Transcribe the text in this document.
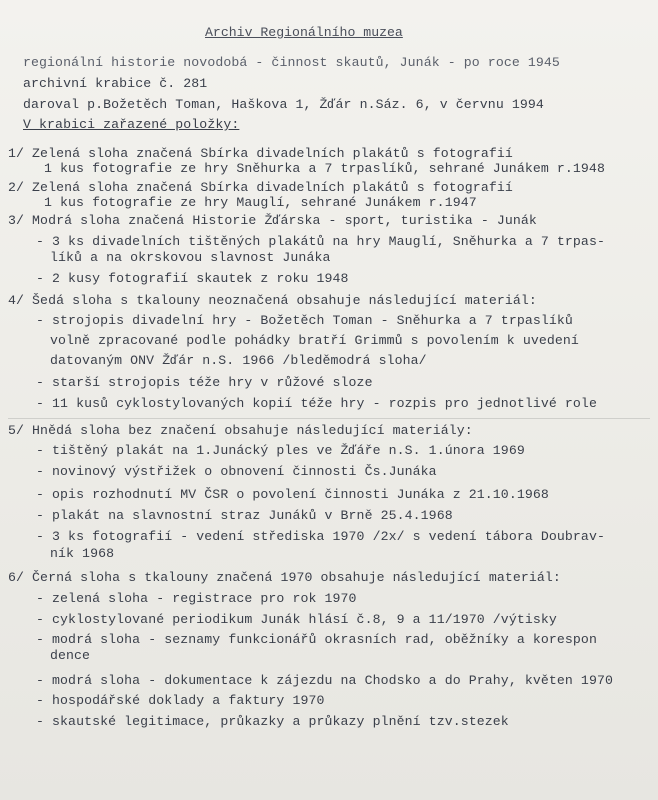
Archiv Regionálního muzea
regionální historie novodobá - činnost skautů, Junák - po roce 1945
archivní krabice č. 281
daroval p.Božetěch Toman, Haškova 1, Žďár n.Sáz. 6, v červnu 1994
V krabici zařazené položky:
1/ Zelená sloha značená Sbírka divadelních plakátů s fotografií
1 kus fotografie ze hry Sněhurka a 7 trpaslíků, sehrané Junákem r.1948
2/ Zelená sloha značená Sbírka divadelních plakátů s fotografií
1 kus fotografie ze hry Mauglí, sehrané Junákem r.1947
3/ Modrá sloha značená Historie Žďárska - sport, turistika - Junák
- 3 ks divadelních tištěných plakátů na hry Mauglí, Sněhurka a 7 trpas-
líků a na okrskovou slavnost Junáka
- 2 kusy fotografií skautek z roku 1948
4/ Šedá sloha s tkalouny neoznačená obsahuje následující materiál:
- strojopis divadelní hry - Božetěch Toman - Sněhurka a 7 trpaslíků
volně zpracované podle pohádky bratří Grimmů s povolením k uvedení
datovaným ONV Žďár n.S. 1966 /bleděmodrá sloha/
- starší strojopis téže hry v růžové sloze
- 11 kusů cyklostylovaných kopií téže hry - rozpis pro jednotlivé role
5/ Hnědá sloha bez značení obsahuje následující materiály:
- tištěný plakát na 1.Junácký ples ve Žďáře n.S. 1.února 1969
- novinový výstřižek o obnovení činnosti Čs.Junáka
- opis rozhodnutí MV ČSR o povolení činnosti Junáka z 21.10.1968
- plakát na slavnostní strаz Junáků v Brně 25.4.1968
- 3 ks fotografií - vedení střediska 1970 /2x/ s vedení tábora Doubrav-
ník 1968
6/ Černá sloha s tkalouny značená 1970 obsahuje následující materiál:
- zelená sloha - registrace pro rok 1970
- cyklostylované periodikum Junák hlásí č.8, 9 a 11/1970 /výtisky
- modrá sloha - seznamy funkcionářů okrasních rad, oběžníky a korespon
dence
- modrá sloha - dokumentace k zájezdu na Chodsko a do Prahy, květen 1970
- hospodářské doklady a faktury 1970
- skautské legitimace, průkazky a průkazy plnění tzv.stezek
